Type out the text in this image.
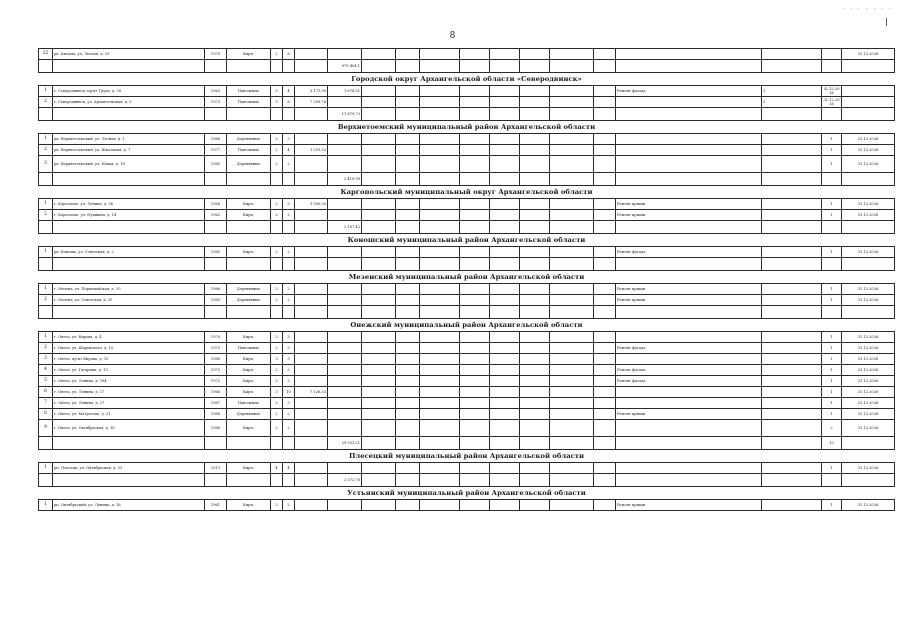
· · · · · · ·
8
22	рп. Кизема, ул. Лесная, д. 29	1979	Кирп.	2	8														31.12.2026
							979 404,1												
Городской округ Архангельской области «Северодвинск»																			
1	г. Северодвинск, пр-кт Труда, д. 28	1963	Панельные	5	4	3 171,99	1 676,51									Ремонт фасада	1	31.12.2026	
2	г. Северодвинск, ул. Архангельская, д. 5	1973	Панельные	5	8	7 509,76											2	31.12.2026	
							11 879,73												
Верхнетоемский муниципальный район Архангельской области																			
1	рп. Верхнетоемский, ул. Лесная, д. 1	1986	Деревянные	2	3													1	31.12.2026
2	рп. Верхнетоемский, ул. Школьная, д. 7	1977	Панельные	2	4	1 031,32												1	31.12.2026
3	рп. Верхнетоемский, ул. Новая, д. 18	1985	Деревянные	2	2													1	31.12.2026
							2 419,99												
Каргопольский муниципальный округ Архангельской области																			
1	г. Каргополь, ул. Ленина, д. 56	1968	Кирп.	2	3	1 590,90										Ремонт крыши		1	31.12.2026
2	г. Каргополь, ул. Пушкина, д. 14	1962	Кирп.	2	2											Ремонт крыши		1	31.12.2026
							2 107,42												
Коношский муниципальный район Архангельской области																			
1	рп. Коноша, ул. Советская, д. 2	1985	Кирп.	2	2											Ремонт фасада		1	31.12.2026

Мезенский муниципальный район Архангельской области																			
1	г. Мезень, ул. Первомайская, д. 10	1986	Деревянные	2	2											Ремонт крыши		1	31.12.2026
2	г. Мезень, ул. Советская, д. 35	1983	Деревянные	2	2											Ремонт крыши		1	31.12.2026

Онежский муниципальный район Архангельской области																			
1	г. Онега, ул. Кирова, д. 4	1970	Кирп.	2	3													1	31.12.2026
2	г. Онега, ул. Шаревского, д. 10	1973	Панельные	2	3											Ремонт фасада		1	31.12.2026
3	г. Онега, пр-кт Кирова, д. 15	1980	Кирп.	3	3													1	31.12.2026
4	г. Онега, ул. Гагарина, д. 13	1973	Кирп.	2	3											Ремонт фасада		1	31.12.2026
5	г. Онега, ул. Ленина, д. 184	1972	Кирп.	2	3											Ремонт фасада		1	31.12.2026
6	г. Онега, ул. Ленина, д. 17	1968	Кирп.	3	10	7 126,33												1	31.12.2026
7	г. Онега, ул. Ленина, д. 27	1987	Панельные	2	3													1	31.12.2026
8	г. Онега, ул. Матросова, д. 21	1986	Деревянные	2	2											Ремонт крыши		1	31.12.2026
9	г. Онега, ул. Октябрьская, д. 18	1986	Кирп.	2	2													2	31.12.2026
							29 931,21											10	
Плесецкий муниципальный район Архангельской области																			
1	рп. Плесецк, ул. Октябрьская, д. 33	2013	Кирп.	4	4													1	31.12.2026
							2 572,70												
Устьянский муниципальный район Архангельской области																			
1	рп. Октябрьский, ул. Ленина, д. 16	1961	Кирп.	2	2											Ремонт крыши		1	31.12.2026
